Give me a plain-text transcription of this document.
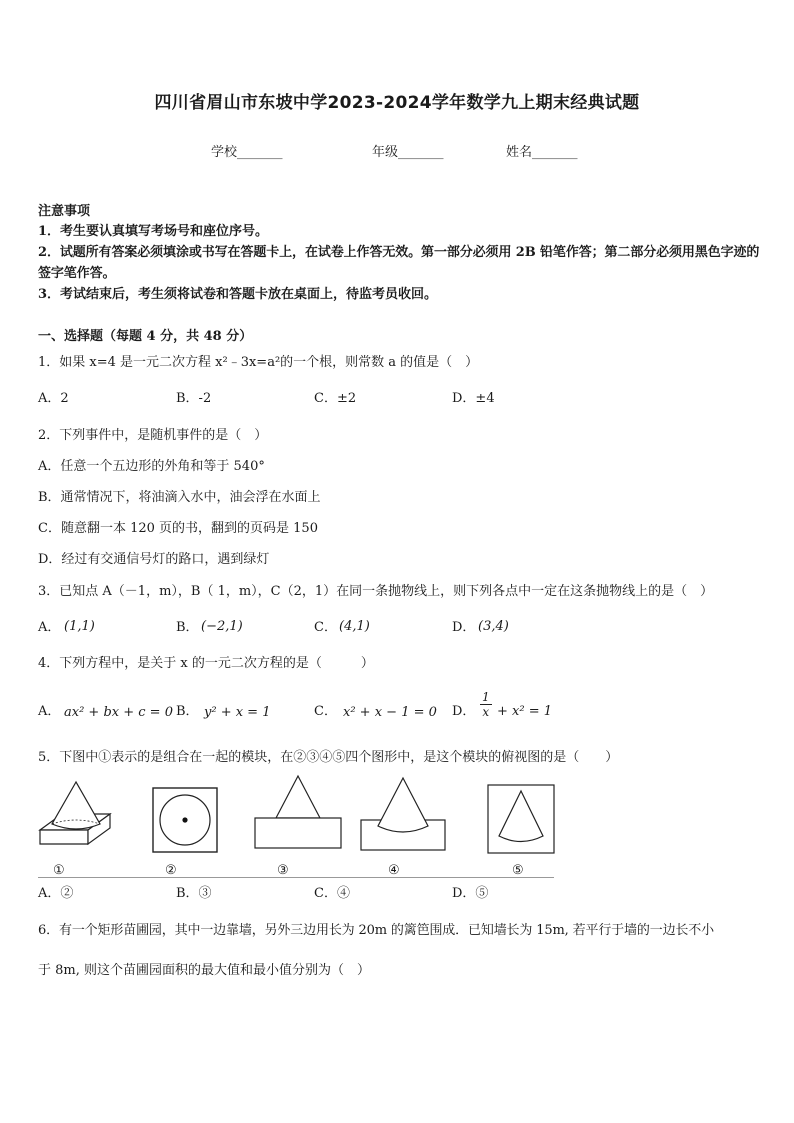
四川省眉山市东坡中学2023-2024学年数学九上期末经典试题
学校_______	年级_______	姓名_______
注意事项
1．考生要认真填写考场号和座位序号。
2．试题所有答案必须填涂或书写在答题卡上，在试卷上作答无效。第一部分必须用 2B 铅笔作答；第二部分必须用黑色字迹的签字笔作答。
3．考试结束后，考生须将试卷和答题卡放在桌面上，待监考员收回。
一、选择题（每题 4 分，共 48 分）
1．如果 x=4 是一元二次方程 x²﹣3x=a²的一个根，则常数 a 的值是（　）
A．2	B．-2	C．±2	D．±4
2．下列事件中，是随机事件的是（　）
A．任意一个五边形的外角和等于 540°
B．通常情况下，将油滴入水中，油会浮在水面上
C．随意翻一本 120 页的书，翻到的页码是 150
D．经过有交通信号灯的路口，遇到绿灯
3．已知点 A（－1，m），B（ 1，m），C（2，1）在同一条抛物线上，则下列各点中一定在这条抛物线上的是（　）
A． (1,1)	B． (−2,1)	C． (4,1)	D． (3,4)
4．下列方程中，是关于 x 的一元二次方程的是（　　　）
A． ax² + bx + c = 0 B． y² + x = 1	C． x² + x − 1 = 0 D． $\frac{1}{x} + x^2 = 1$
5．下图中①表示的是组合在一起的模块，在②③④⑤四个图形中，是这个模块的俯视图的是（　　）
①	②	③	④	⑤
A．②	B．③	C．④	D．⑤
6．有一个矩形苗圃园，其中一边靠墙，另外三边用长为 20m 的篱笆围成．已知墙长为 15m, 若平行于墙的一边长不小
于 8m, 则这个苗圃园面积的最大值和最小值分别为（　）
